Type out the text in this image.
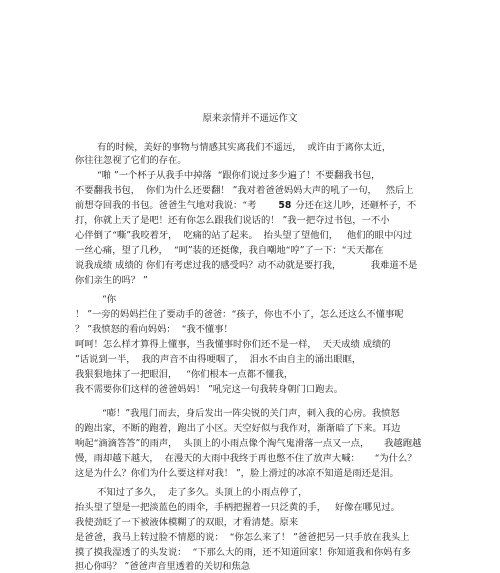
原来亲情并不遥远作文
有的时候，美好的事物与情感其实离我们不遥远，  或许由于离你太近，
你往往忽视了它们的存在。
“啪 ”一个杯子从我手中掉落  “跟你们说过多少遍了！不要翻我书包，
不要翻我书包，  你们为什么还要翻！ ”我对着爸爸妈妈大声的吼了一句，   然后上
前想夺回我的书包。爸爸生气地对我说：“考 58 分还在这儿吵，还砸杯子，不
打，你就上天了是吧！还有你怎么跟我们说话的！ ”我一把夺过书包，一不小
心伴倒了“嘶”我咬着牙，  吃痛的站了起来。  抬头望了望他们，   他们的眼中闪过
一丝心痛，望了几秒，  “呵”装的还挺像，我自嘲地“哼”了一下：“天天都在
说我成绩 成绩的 你们有考虑过我的感受吗？动不动就是要打我，          我难道不是
你们亲生的吗？ ”
“你
！ ”一旁的妈妈拦住了要动手的爸爸：“孩子，你也不小了，怎么还这么不懂事呢
？ ”我愤怒的看向妈妈：  “我不懂事！
呵呵！怎么样才算得上懂事，当我懂事时你们还不是一样，  天天成绩 成绩的
”话说到一半，  我的声音不由得哽咽了，  泪水不由自主的涌出眼眶，
我狠狠地抹了一把眼泪，   “你们根本一点都不懂我，
我不需要你们这样的爸爸妈妈！ ”吼完这一句我转身朝门口跑去。
“嘭！”我甩门而去，身后发出一阵尖锐的关门声，刺入我的心房。我愤怒
的跑出家，不断的跑着，跑出了小区。天空好似与我作对，渐渐暗了下来。耳边
响起“滴滴答答”的雨声，  头顶上的小雨点像个淘气鬼滑落一点又一点，     我越跑越
慢，雨却越下越大，  在漫天的大雨中我终于再也憋不住了放声大喊：     “为什么？
这是为什么？你们为什么要这样对我！ ”，脸上滑过的冰凉不知道是雨还是泪。
不知过了多久，  走了多久。头顶上的小雨点停了，
抬头望了望是一把淡蓝色的雨伞，手柄把握着一只泛黄的手，   好像在哪见过。
我使劲眨了一下被液体模糊了的双眼，才看清楚。原来
是爸爸，我马上转过脸不情愿的说：  “你怎么来了！ ”爸爸把另一只手放在我头上
摸了摸我湿透了的头发说：  “下那么大的雨，还不知道回家！你知道我和你妈有多
担心你吗？ ”爸爸声音里透着的关切和焦急
